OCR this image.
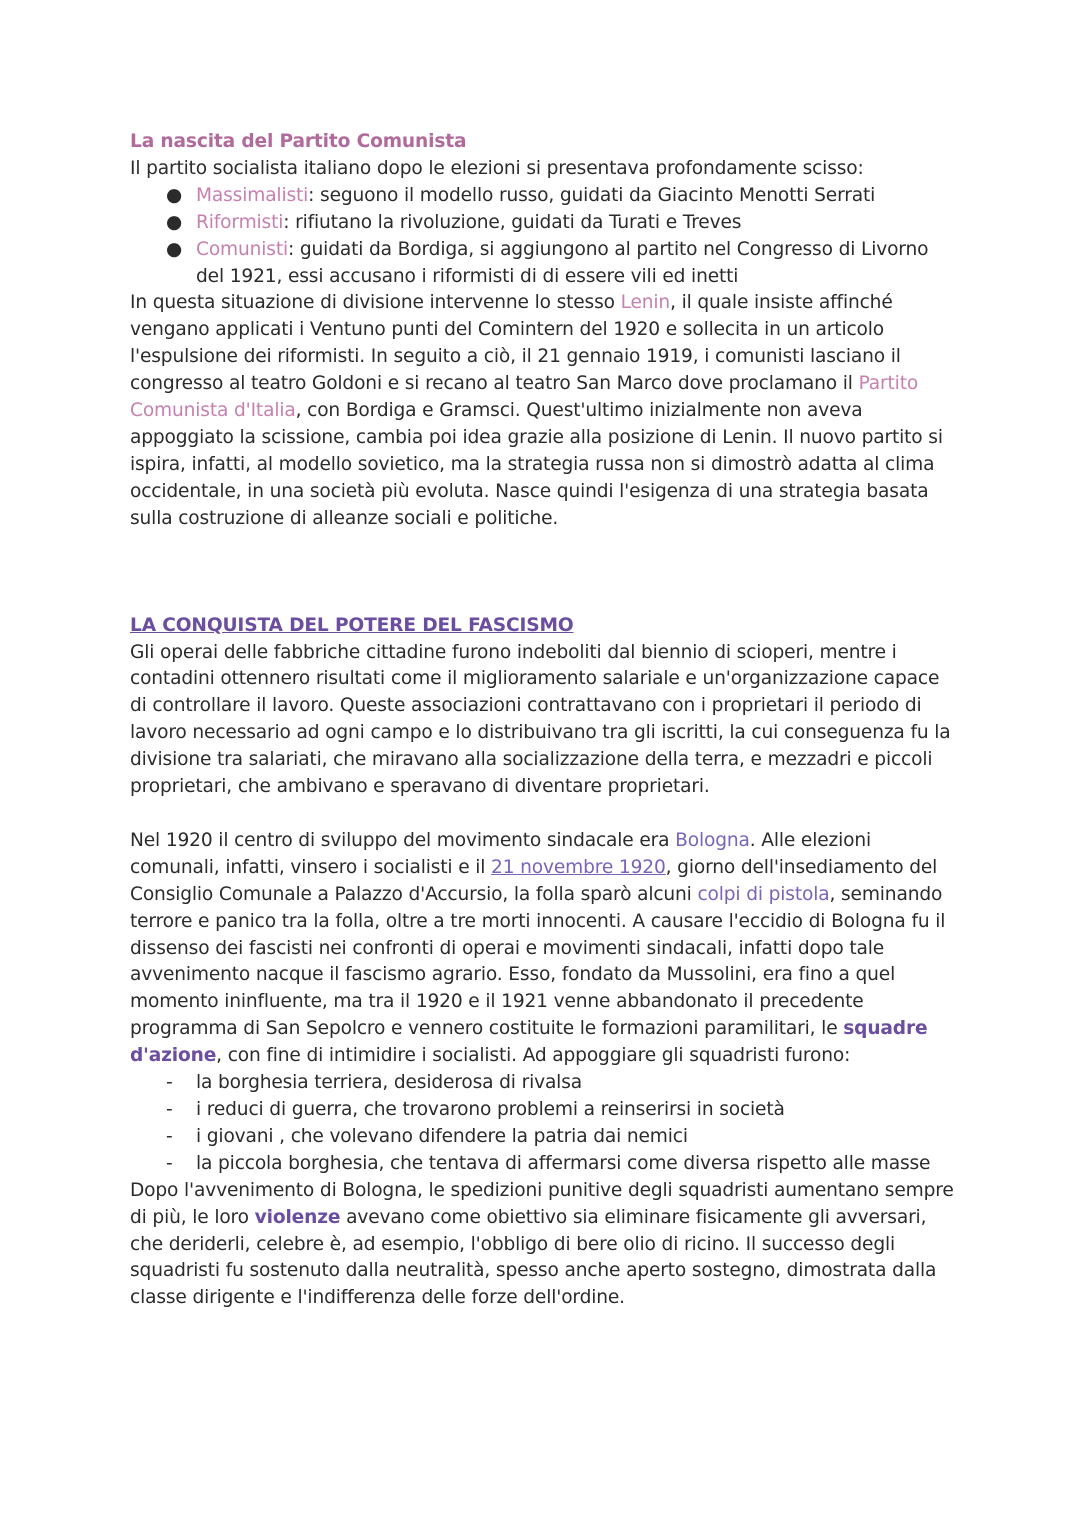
La nascita del Partito Comunista

Il partito socialista italiano dopo le elezioni si presentava profondamente scisso:

● Massimalisti: seguono il modello russo, guidati da Giacinto Menotti Serrati
● Riformisti: rifiutano la rivoluzione, guidati da Turati e Treves
● Comunisti: guidati da Bordiga, si aggiungono al partito nel Congresso di Livorno del 1921, essi accusano i riformisti di di essere vili ed inetti

In questa situazione di divisione intervenne lo stesso Lenin, il quale insiste affinché vengano applicati i Ventuno punti del Comintern del 1920 e sollecita in un articolo l'espulsione dei riformisti. In seguito a ciò, il 21 gennaio 1919, i comunisti lasciano il congresso al teatro Goldoni e si recano al teatro San Marco dove proclamano il Partito Comunista d'Italia, con Bordiga e Gramsci. Quest'ultimo inizialmente non aveva appoggiato la scissione, cambia poi idea grazie alla posizione di Lenin. Il nuovo partito si ispira, infatti, al modello sovietico, ma la strategia russa non si dimostrò adatta al clima occidentale, in una società più evoluta. Nasce quindi l'esigenza di una strategia basata sulla costruzione di alleanze sociali e politiche.

LA CONQUISTA DEL POTERE DEL FASCISMO

Gli operai delle fabbriche cittadine furono indeboliti dal biennio di scioperi, mentre i contadini ottennero risultati come il miglioramento salariale e un'organizzazione capace di controllare il lavoro. Queste associazioni contrattavano con i proprietari il periodo di lavoro necessario ad ogni campo e lo distribuivano tra gli iscritti, la cui conseguenza fu la divisione tra salariati, che miravano alla socializzazione della terra, e mezzadri e piccoli proprietari, che ambivano e speravano di diventare proprietari.

Nel 1920 il centro di sviluppo del movimento sindacale era Bologna. Alle elezioni comunali, infatti, vinsero i socialisti e il 21 novembre 1920, giorno dell'insediamento del Consiglio Comunale a Palazzo d'Accursio, la folla sparò alcuni colpi di pistola, seminando terrore e panico tra la folla, oltre a tre morti innocenti. A causare l'eccidio di Bologna fu il dissenso dei fascisti nei confronti di operai e movimenti sindacali, infatti dopo tale avvenimento nacque il fascismo agrario. Esso, fondato da Mussolini, era fino a quel momento ininfluente, ma tra il 1920 e il 1921 venne abbandonato il precedente programma di San Sepolcro e vennero costituite le formazioni paramilitari, le squadre d'azione, con fine di intimidire i socialisti. Ad appoggiare gli squadristi furono:

- la borghesia terriera, desiderosa di rivalsa
- i reduci di guerra, che trovarono problemi a reinserirsi in società
- i giovani , che volevano difendere la patria dai nemici
- la piccola borghesia, che tentava di affermarsi come diversa rispetto alle masse

Dopo l'avvenimento di Bologna, le spedizioni punitive degli squadristi aumentano sempre di più, le loro violenze avevano come obiettivo sia eliminare fisicamente gli avversari, che deriderli, celebre è, ad esempio, l'obbligo di bere olio di ricino. Il successo degli squadristi fu sostenuto dalla neutralità, spesso anche aperto sostegno, dimostrata dalla classe dirigente e l'indifferenza delle forze dell'ordine.
